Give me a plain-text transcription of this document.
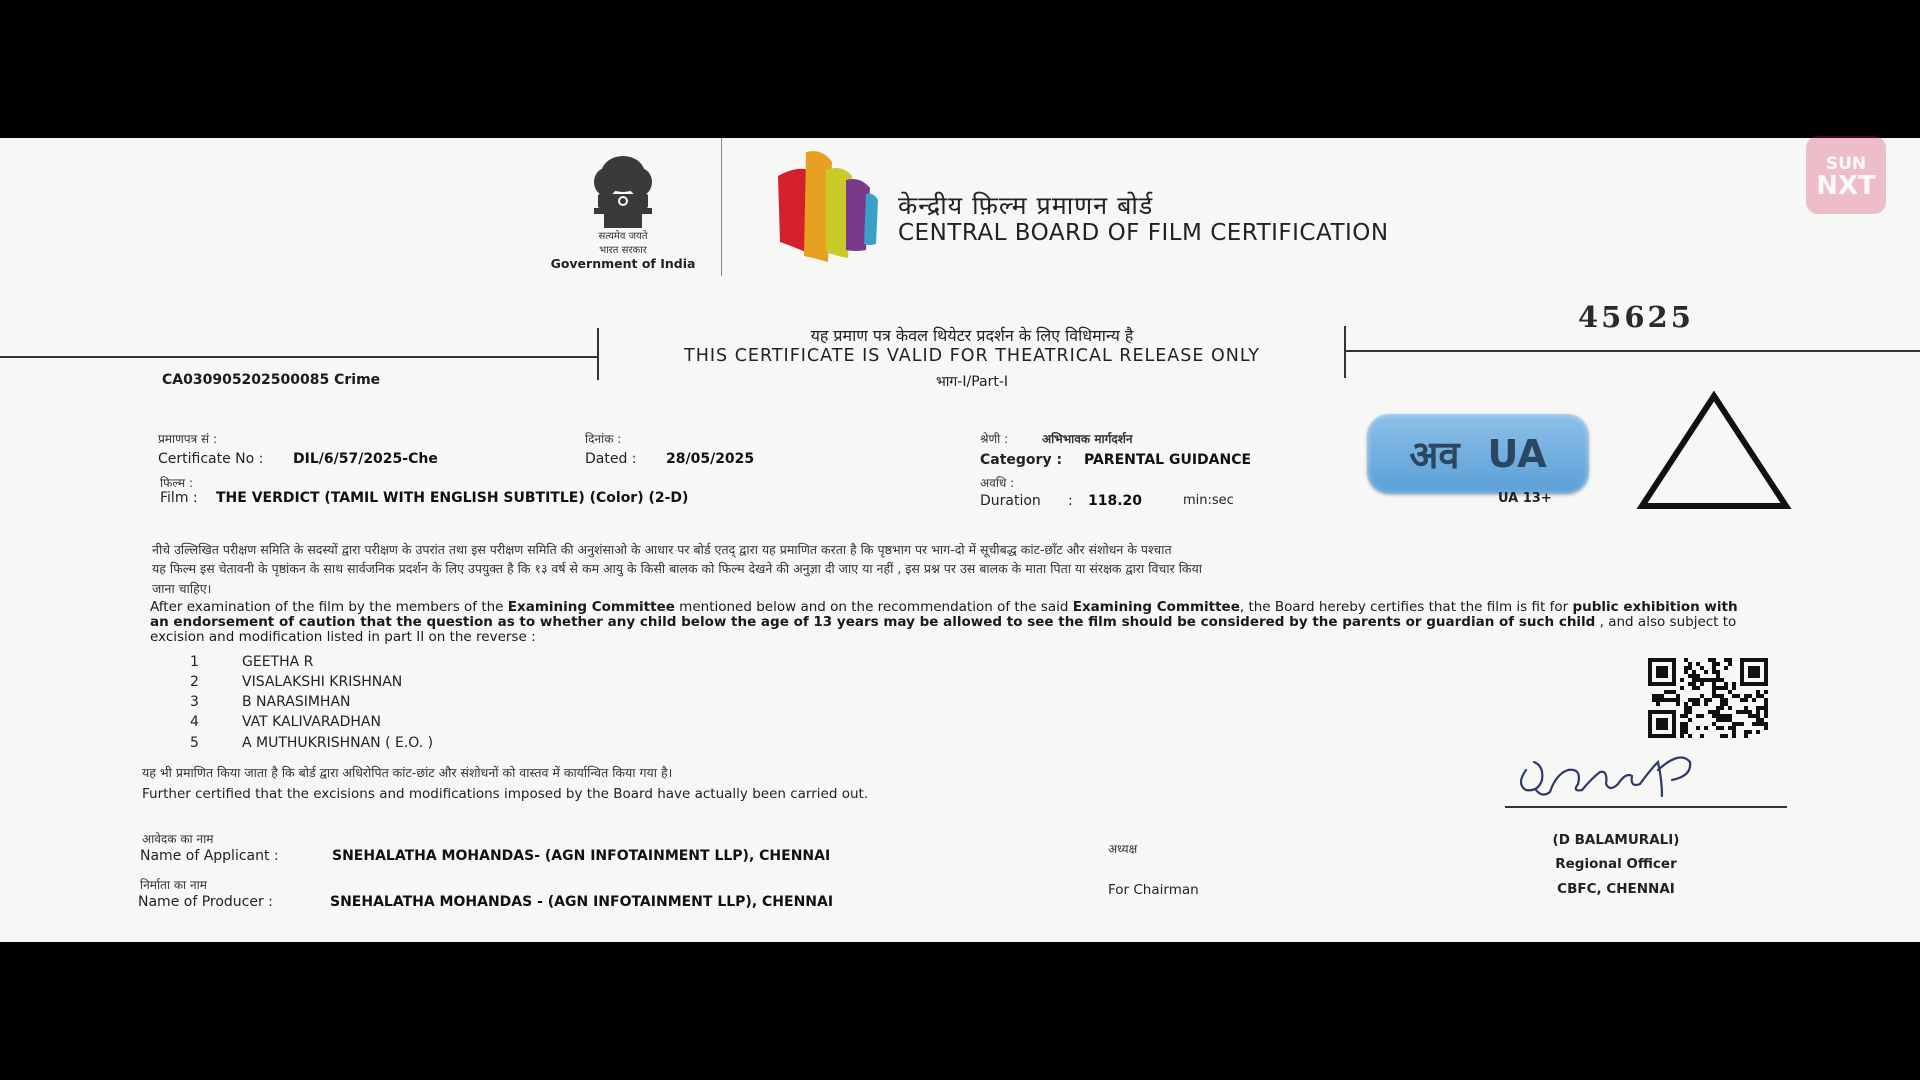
सत्यमेव जयते
भारत सरकार
Government of India
केन्द्रीय फ़िल्म प्रमाणन बोर्ड
CENTRAL BOARD OF FILM CERTIFICATION
45625
यह प्रमाण पत्र केवल थियेटर प्रदर्शन के लिए विधिमान्य है
THIS CERTIFICATE IS VALID FOR THEATRICAL RELEASE ONLY
भाग-I/Part-I
CA030905202500085 Crime
प्रमाणपत्र सं :
Certificate No : DIL/6/57/2025-Che
दिनांक :
Dated : 28/05/2025
फिल्म :
Film : THE VERDICT (TAMIL WITH ENGLISH SUBTITLE) (Color) (2-D)
श्रेणी :	अभिभावक मार्गदर्शन
Category : PARENTAL GUIDANCE
अवधि :
Duration : 118.20	min:sec
अव UA
UA 13+
नीचे उल्लिखित परीक्षण समिति के सदस्यों द्वारा परीक्षण के उपरांत तथा इस परीक्षण समिति की अनुशंसाओ के आधार पर बोर्ड एतद् द्वारा यह प्रमाणित करता है कि पृष्ठभाग पर भाग-दो में सूचीबद्ध कांट-छाँट और संशोधन के पश्चात
यह फिल्म इस चेतावनी के पृष्ठांकन के साथ सार्वजनिक प्रदर्शन के लिए उपयुक्त है कि १३ वर्ष से कम आयु के किसी बालक को फिल्म देखने की अनुज्ञा दी जाए या नहीं , इस प्रश्न पर उस बालक के माता पिता या संरक्षक द्वारा विचार किया
जाना चाहिए।
After examination of the film by the members of the Examining Committee mentioned below and on the recommendation of the said Examining Committee, the Board hereby certifies that the film is fit for public exhibition with an endorsement of caution that the question as to whether any child below the age of 13 years may be allowed to see the film should be considered by the parents or guardian of such child , and also subject to excision and modification listed in part II on the reverse :
1	GEETHA R
2	VISALAKSHI KRISHNAN
3	B NARASIMHAN
4	VAT KALIVARADHAN
5	A MUTHUKRISHNAN ( E.O. )
यह भी प्रमाणित किया जाता है कि बोर्ड द्वारा अधिरोपित कांट-छांट और संशोधनों को वास्तव में कार्यान्वित किया गया है।
Further certified that the excisions and modifications imposed by the Board have actually been carried out.
आवेदक का नाम
Name of Applicant :	SNEHALATHA MOHANDAS- (AGN INFOTAINMENT LLP), CHENNAI
निर्माता का नाम
Name of Producer :	SNEHALATHA MOHANDAS - (AGN INFOTAINMENT LLP), CHENNAI
अध्यक्ष
For Chairman
(D BALAMURALI)
Regional Officer
CBFC, CHENNAI
SUN
NXT
